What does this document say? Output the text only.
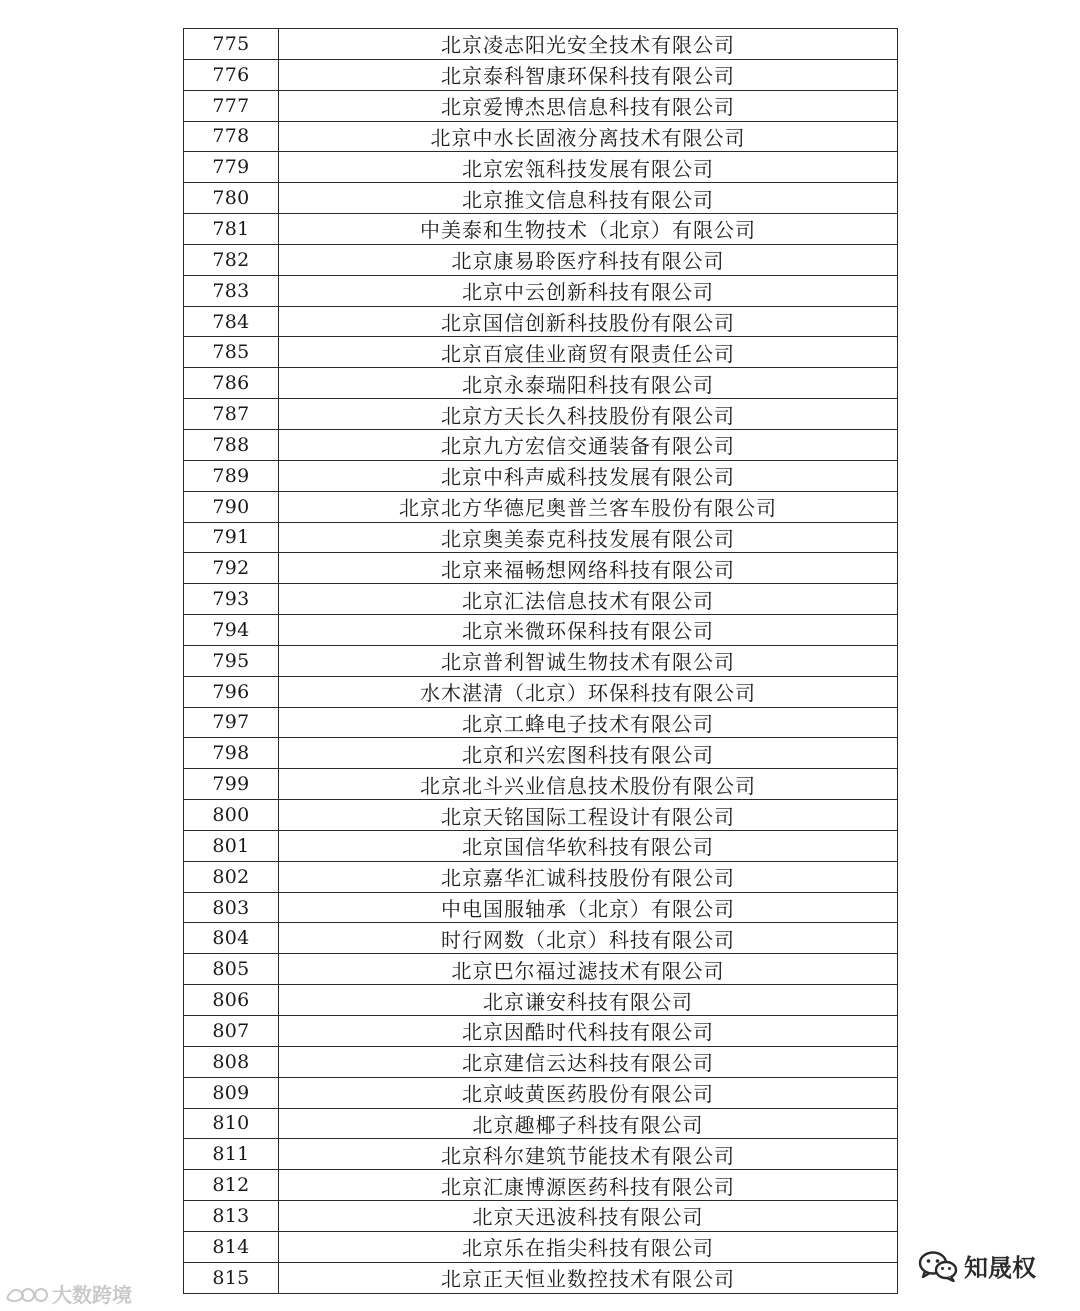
775	北京凌志阳光安全技术有限公司
776	北京泰科智康环保科技有限公司
777	北京爱博杰思信息科技有限公司
778	北京中水长固液分离技术有限公司
779	北京宏瓴科技发展有限公司
780	北京推文信息科技有限公司
781	中美泰和生物技术（北京）有限公司
782	北京康易聆医疗科技有限公司
783	北京中云创新科技有限公司
784	北京国信创新科技股份有限公司
785	北京百宸佳业商贸有限责任公司
786	北京永泰瑞阳科技有限公司
787	北京方天长久科技股份有限公司
788	北京九方宏信交通装备有限公司
789	北京中科声威科技发展有限公司
790	北京北方华德尼奥普兰客车股份有限公司
791	北京奥美泰克科技发展有限公司
792	北京来福畅想网络科技有限公司
793	北京汇法信息技术有限公司
794	北京米微环保科技有限公司
795	北京普利智诚生物技术有限公司
796	水木湛清（北京）环保科技有限公司
797	北京工蜂电子技术有限公司
798	北京和兴宏图科技有限公司
799	北京北斗兴业信息技术股份有限公司
800	北京天铭国际工程设计有限公司
801	北京国信华软科技有限公司
802	北京嘉华汇诚科技股份有限公司
803	中电国服轴承（北京）有限公司
804	时行网数（北京）科技有限公司
805	北京巴尔福过滤技术有限公司
806	北京谦安科技有限公司
807	北京因酷时代科技有限公司
808	北京建信云达科技有限公司
809	北京岐黄医药股份有限公司
810	北京趣椰子科技有限公司
811	北京科尔建筑节能技术有限公司
812	北京汇康博源医药科技有限公司
813	北京天迅波科技有限公司
814	北京乐在指尖科技有限公司
815	北京正天恒业数控技术有限公司
大数跨境
知晟权
